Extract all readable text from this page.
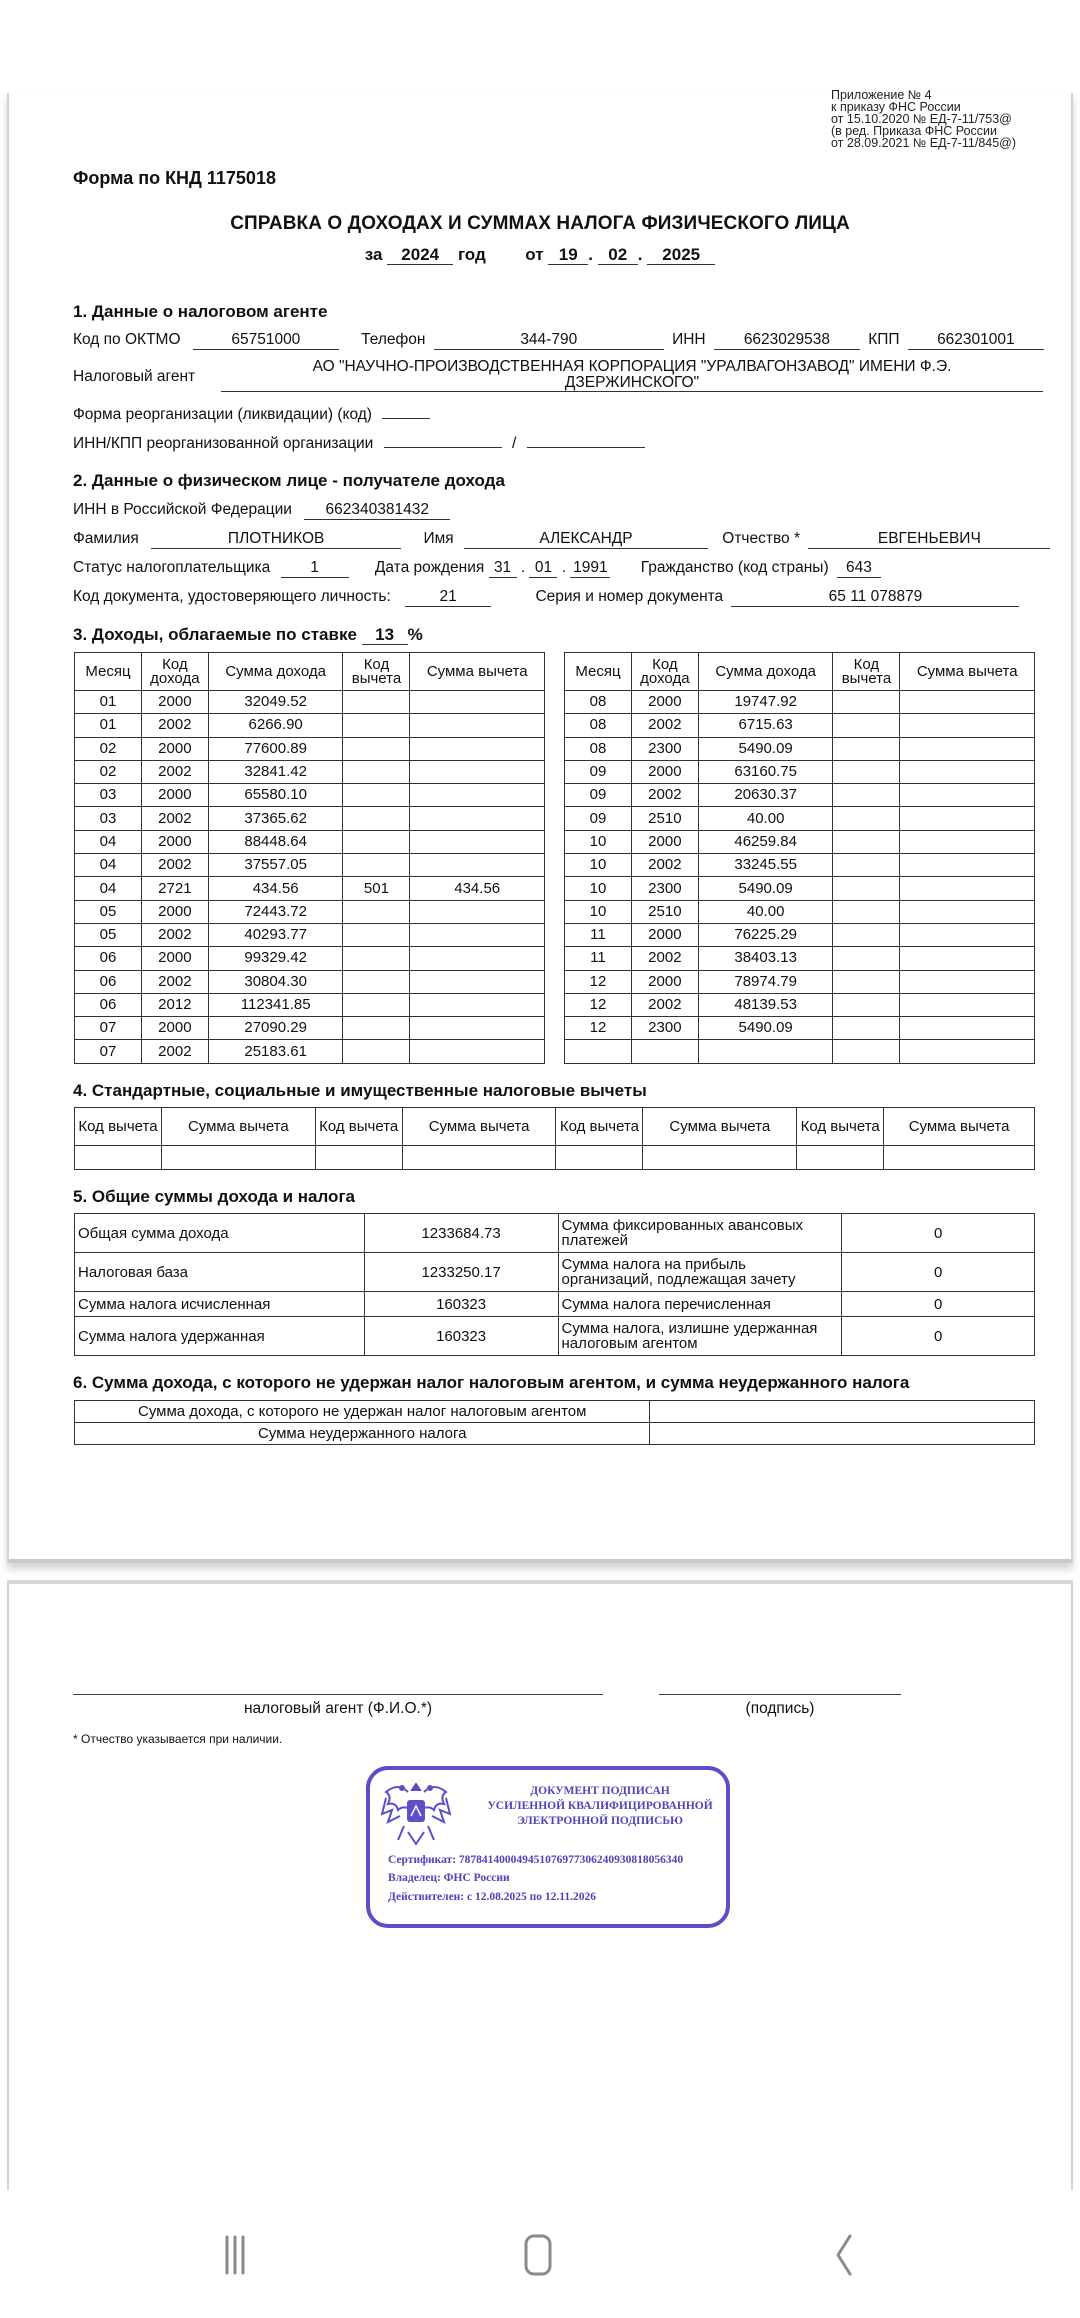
Приложение № 4
к приказу ФНС России
от 15.10.2020 № ЕД-7-11/753@
(в ред. Приказа ФНС России
от 28.09.2021 № ЕД-7-11/845@)
Форма по КНД 1175018
СПРАВКА О ДОХОДАХ И СУММАХ НАЛОГА ФИЗИЧЕСКОГО ЛИЦА
за 2024 год от 19 . 02 . 2025
1. Данные о налоговом агенте
Код по ОКТМО	65751000	Телефон	344-790	ИНН 6623029538 КПП 662301001
Налоговый агент
АО "НАУЧНО-ПРОИЗВОДСТВЕННАЯ КОРПОРАЦИЯ "УРАЛВАГОНЗАВОД" ИМЕНИ Ф.Э.
ДЗЕРЖИНСКОГО"
Форма реорганизации (ликвидации) (код)
ИНН/КПП реорганизованной организации	/
2. Данные о физическом лице - получателе дохода
ИНН в Российской Федерации 662340381432
Фамилия	ПЛОТНИКОВ	Имя	АЛЕКСАНДР	Отчество *	ЕВГЕНЬЕВИЧ
Статус налогоплательщика	1	Дата рождения 31 . 01 . 1991 Гражданство (код страны) 643
Код документа, удостоверяющего личность:	21	Серия и номер документа	65 11 078879
3. Доходы, облагаемые по ставке 13 %
Месяц	Код дохода	Сумма дохода	Код вычета	Сумма вычета
01	2000	32049.52		
01	2002	6266.90		
02	2000	77600.89		
02	2002	32841.42		
03	2000	65580.10		
03	2002	37365.62		
04	2000	88448.64		
04	2002	37557.05		
04	2721	434.56	501	434.56
05	2000	72443.72		
05	2002	40293.77		
06	2000	99329.42		
06	2002	30804.30		
06	2012	112341.85		
07	2000	27090.29		
07	2002	25183.61		
Месяц	Код дохода	Сумма дохода	Код вычета	Сумма вычета
08	2000	19747.92		
08	2002	6715.63		
08	2300	5490.09		
09	2000	63160.75		
09	2002	20630.37		
09	2510	40.00		
10	2000	46259.84		
10	2002	33245.55		
10	2300	5490.09		
10	2510	40.00		
11	2000	76225.29		
11	2002	38403.13		
12	2000	78974.79		
12	2002	48139.53		
12	2300	5490.09		

4. Стандартные, социальные и имущественные налоговые вычеты
Код вычета	Сумма вычета	Код вычета	Сумма вычета	Код вычета	Сумма вычета	Код вычета	Сумма вычета

5. Общие суммы дохода и налога
Общая сумма дохода	1233684.73	Сумма фиксированных авансовых платежей	0
Налоговая база	1233250.17	Сумма налога на прибыль организаций, подлежащая зачету	0
Сумма налога исчисленная	160323	Сумма налога перечисленная	0
Сумма налога удержанная	160323	Сумма налога, излишне удержанная налоговым агентом	0
6. Сумма дохода, с которого не удержан налог налоговым агентом, и сумма неудержанного налога
Сумма дохода, с которого не удержан налог налоговым агентом	
Сумма неудержанного налога	
налоговый агент (Ф.И.О.*)	(подпись)
* Отчество указывается при наличии.
ДОКУМЕНТ ПОДПИСАН
УСИЛЕННОЙ КВАЛИФИЦИРОВАННОЙ
ЭЛЕКТРОННОЙ ПОДПИСЬЮ
Сертификат: 787841400049451076977306240930818056340
Владелец: ФНС России
Действителен: с 12.08.2025 по 12.11.2026
